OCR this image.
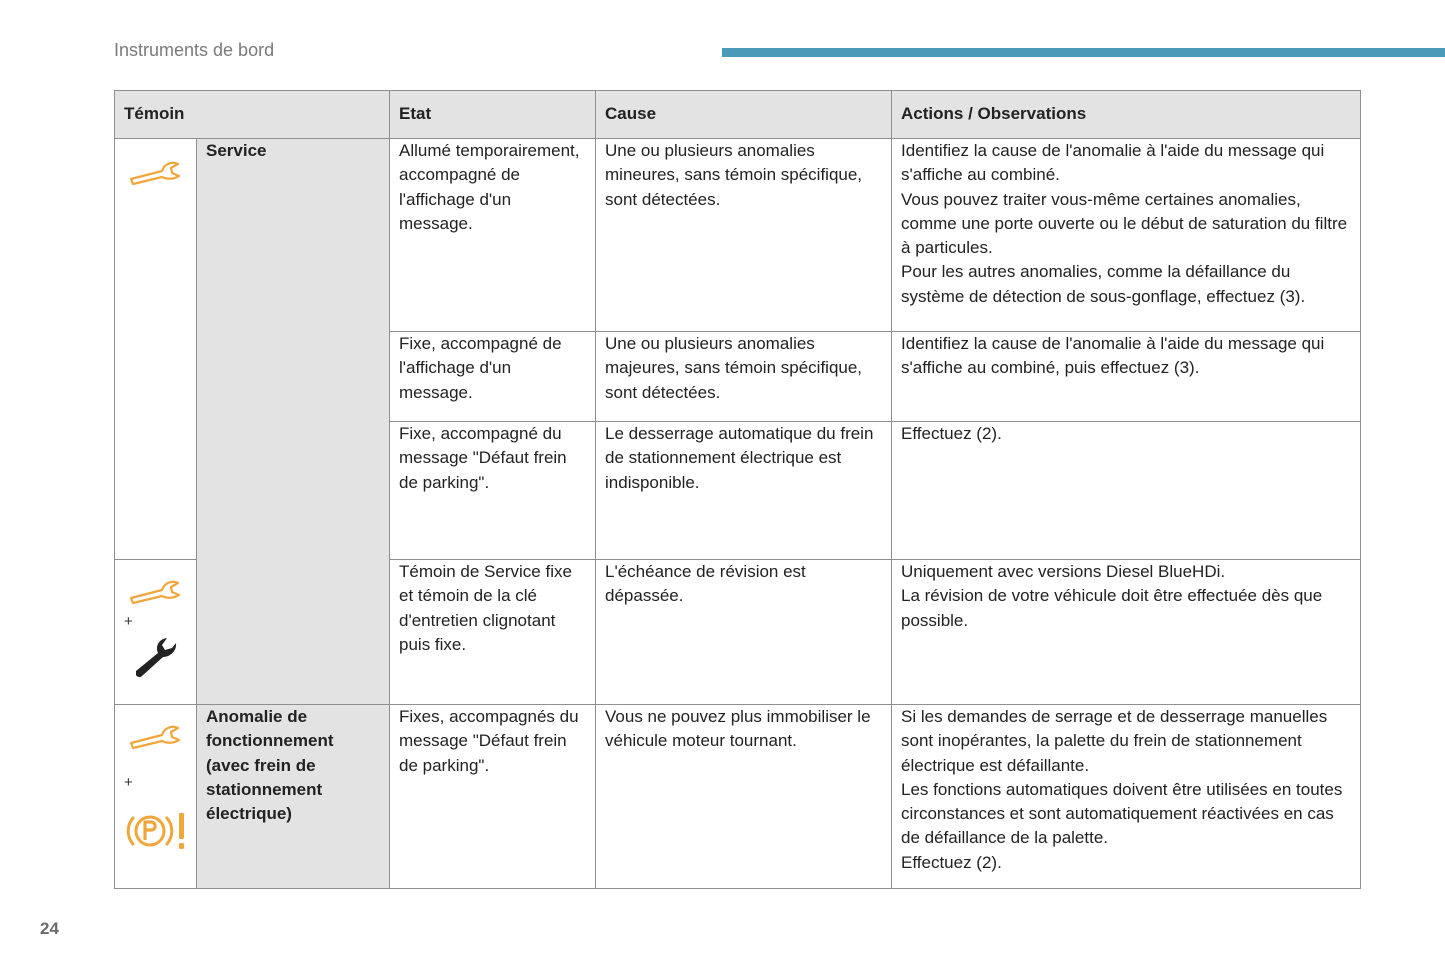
Instruments de bord
Témoin		Etat	Cause	Actions / Observations

	Service	Allumé temporairement, accompagné de l'affichage d'un message.	Une ou plusieurs anomalies mineures, sans témoin spécifique, sont détectées.	Identifiez la cause de l'anomalie à l'aide du message qui s'affiche au combiné.
Vous pouvez traiter vous-même certaines anomalies, comme une porte ouverte ou le début de saturation du filtre à particules.
Pour les autres anomalies, comme la défaillance du système de détection de sous-gonflage, effectuez (3).

		Fixe, accompagné de l'affichage d'un message.	Une ou plusieurs anomalies majeures, sans témoin spécifique, sont détectées.	Identifiez la cause de l'anomalie à l'aide du message qui s'affiche au combiné, puis effectuez (3).

		Fixe, accompagné du message "Défaut frein de parking".	Le desserrage automatique du frein de stationnement électrique est indisponible.	Effectuez (2).

+		Témoin de Service fixe et témoin de la clé d'entretien clignotant puis fixe.	L'échéance de révision est dépassée.	Uniquement avec versions Diesel BlueHDi.
La révision de votre véhicule doit être effectuée dès que possible.

+	Anomalie de fonctionnement (avec frein de stationnement électrique)	Fixes, accompagnés du message "Défaut frein de parking".	Vous ne pouvez plus immobiliser le véhicule moteur tournant.	Si les demandes de serrage et de desserrage manuelles sont inopérantes, la palette du frein de stationnement électrique est défaillante.
Les fonctions automatiques doivent être utilisées en toutes circonstances et sont automatiquement réactivées en cas de défaillance de la palette.
Effectuez (2).
24
